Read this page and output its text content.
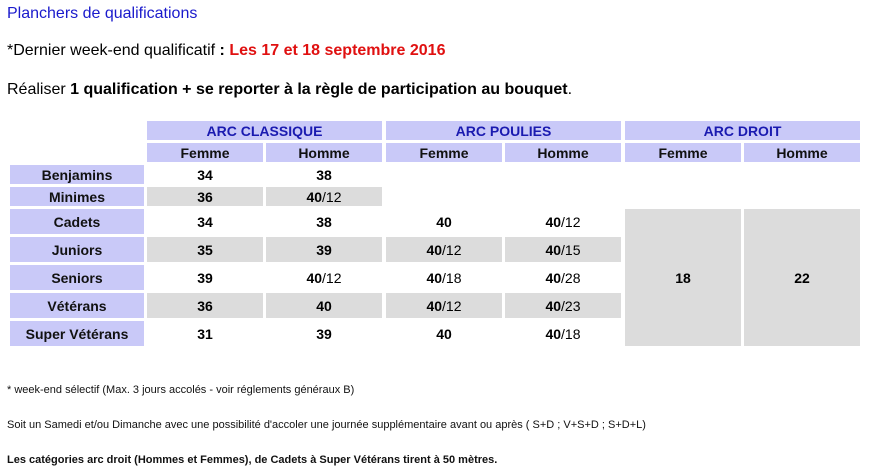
Planchers de qualifications
*Dernier week-end qualificatif : Les 17 et 18 septembre 2016
Réaliser 1 qualification + se reporter à la règle de participation au bouquet.
ARC CLASSIQUE	ARC POULIES	ARC DROIT
Femme	Homme	Femme	Homme	Femme	Homme
Benjamins	34	38
Minimes	36	40 /12
Cadets	34	38	40	40 /12
Juniors	35	39	40 /12	40 /15
Seniors	39	40 /12	40 /18	40 /28
Vétérans	36	40	40 /12	40 /23
Super Vétérans	31	39	40	40 /18
18	22
* week-end sélectif (Max. 3 jours accolés - voir réglements généraux B)
Soit un Samedi et/ou Dimanche avec une possibilité d'accoler une journée supplémentaire avant ou après ( S+D ; V+S+D ; S+D+L)
Les catégories arc droit (Hommes et Femmes), de Cadets à Super Vétérans tirent à 50 mètres.
